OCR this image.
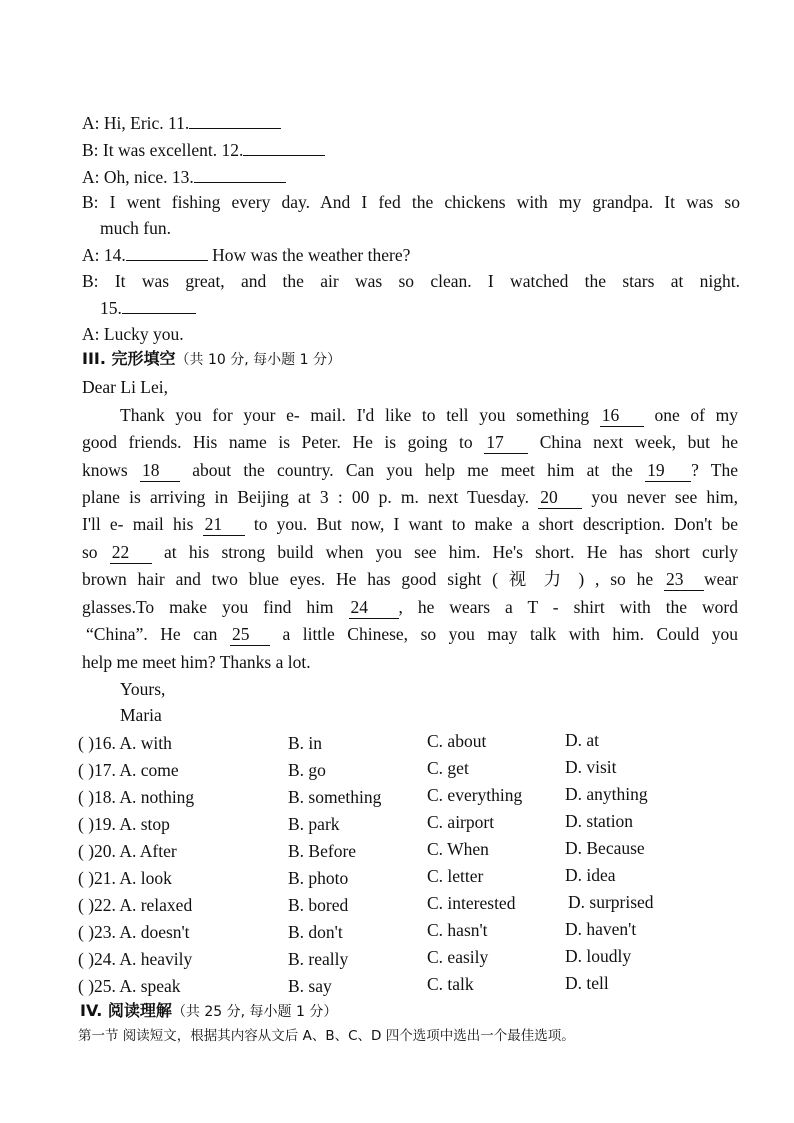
A: Hi, Eric. 11.
B: It was excellent. 12.
A: Oh, nice. 13.
B: I went fishing every day. And I fed the chickens with my grandpa. It was so
much fun.
A: 14.	How was the weather there?
B: It was great, and the air was so clean. I watched the stars at night.
15.
A: Lucky you.
III. 完形填空（共 10 分, 每小题 1 分）
Dear Li Lei,
Thank you for your e- mail. I'd like to tell you something 16 one of my
good friends. His name is Peter. He is going to 17 China next week, but he
knows 18 about the country. Can you help me meet him at the 19 ? The
plane is arriving in Beijing at 3 : 00 p. m. next Tuesday. 20 you never see him,
I'll e- mail his 21 to you. But now, I want to make a short description. Don't be
so 22 at his strong build when you see him. He's short. He has short curly
brown hair and two blue eyes. He has good sight ( 视 力 ) , so he 23 wear
glasses.To make you find him 24 , he wears a T - shirt with the word
“China”. He can 25 a little Chinese, so you may talk with him. Could you
help me meet him? Thanks a lot.
Yours,
Maria
( )16. A. with	B. in	C. about	D. at
( )17. A. come	B. go	C. get	D. visit
( )18. A. nothing	B. something	C. everything D. anything
( )19. A. stop	B. park	C. airport	D. station
( )20. A. After	B. Before	C. When	D. Because
( )21. A. look	B. photo	C. letter	D. idea
( )22. A. relaxed	B. bored	C. interested	D. surprised
( )23. A. doesn't	B. don't	C. hasn't	D. haven't
( )24. A. heavily	B. really	C. easily	D. loudly
( )25. A. speak	B. say	C. talk	D. tell
IV. 阅读理解（共 25 分, 每小题 1 分）
第一节 阅读短文，根据其内容从文后 A、B、C、D 四个选项中选出一个最佳选项。
